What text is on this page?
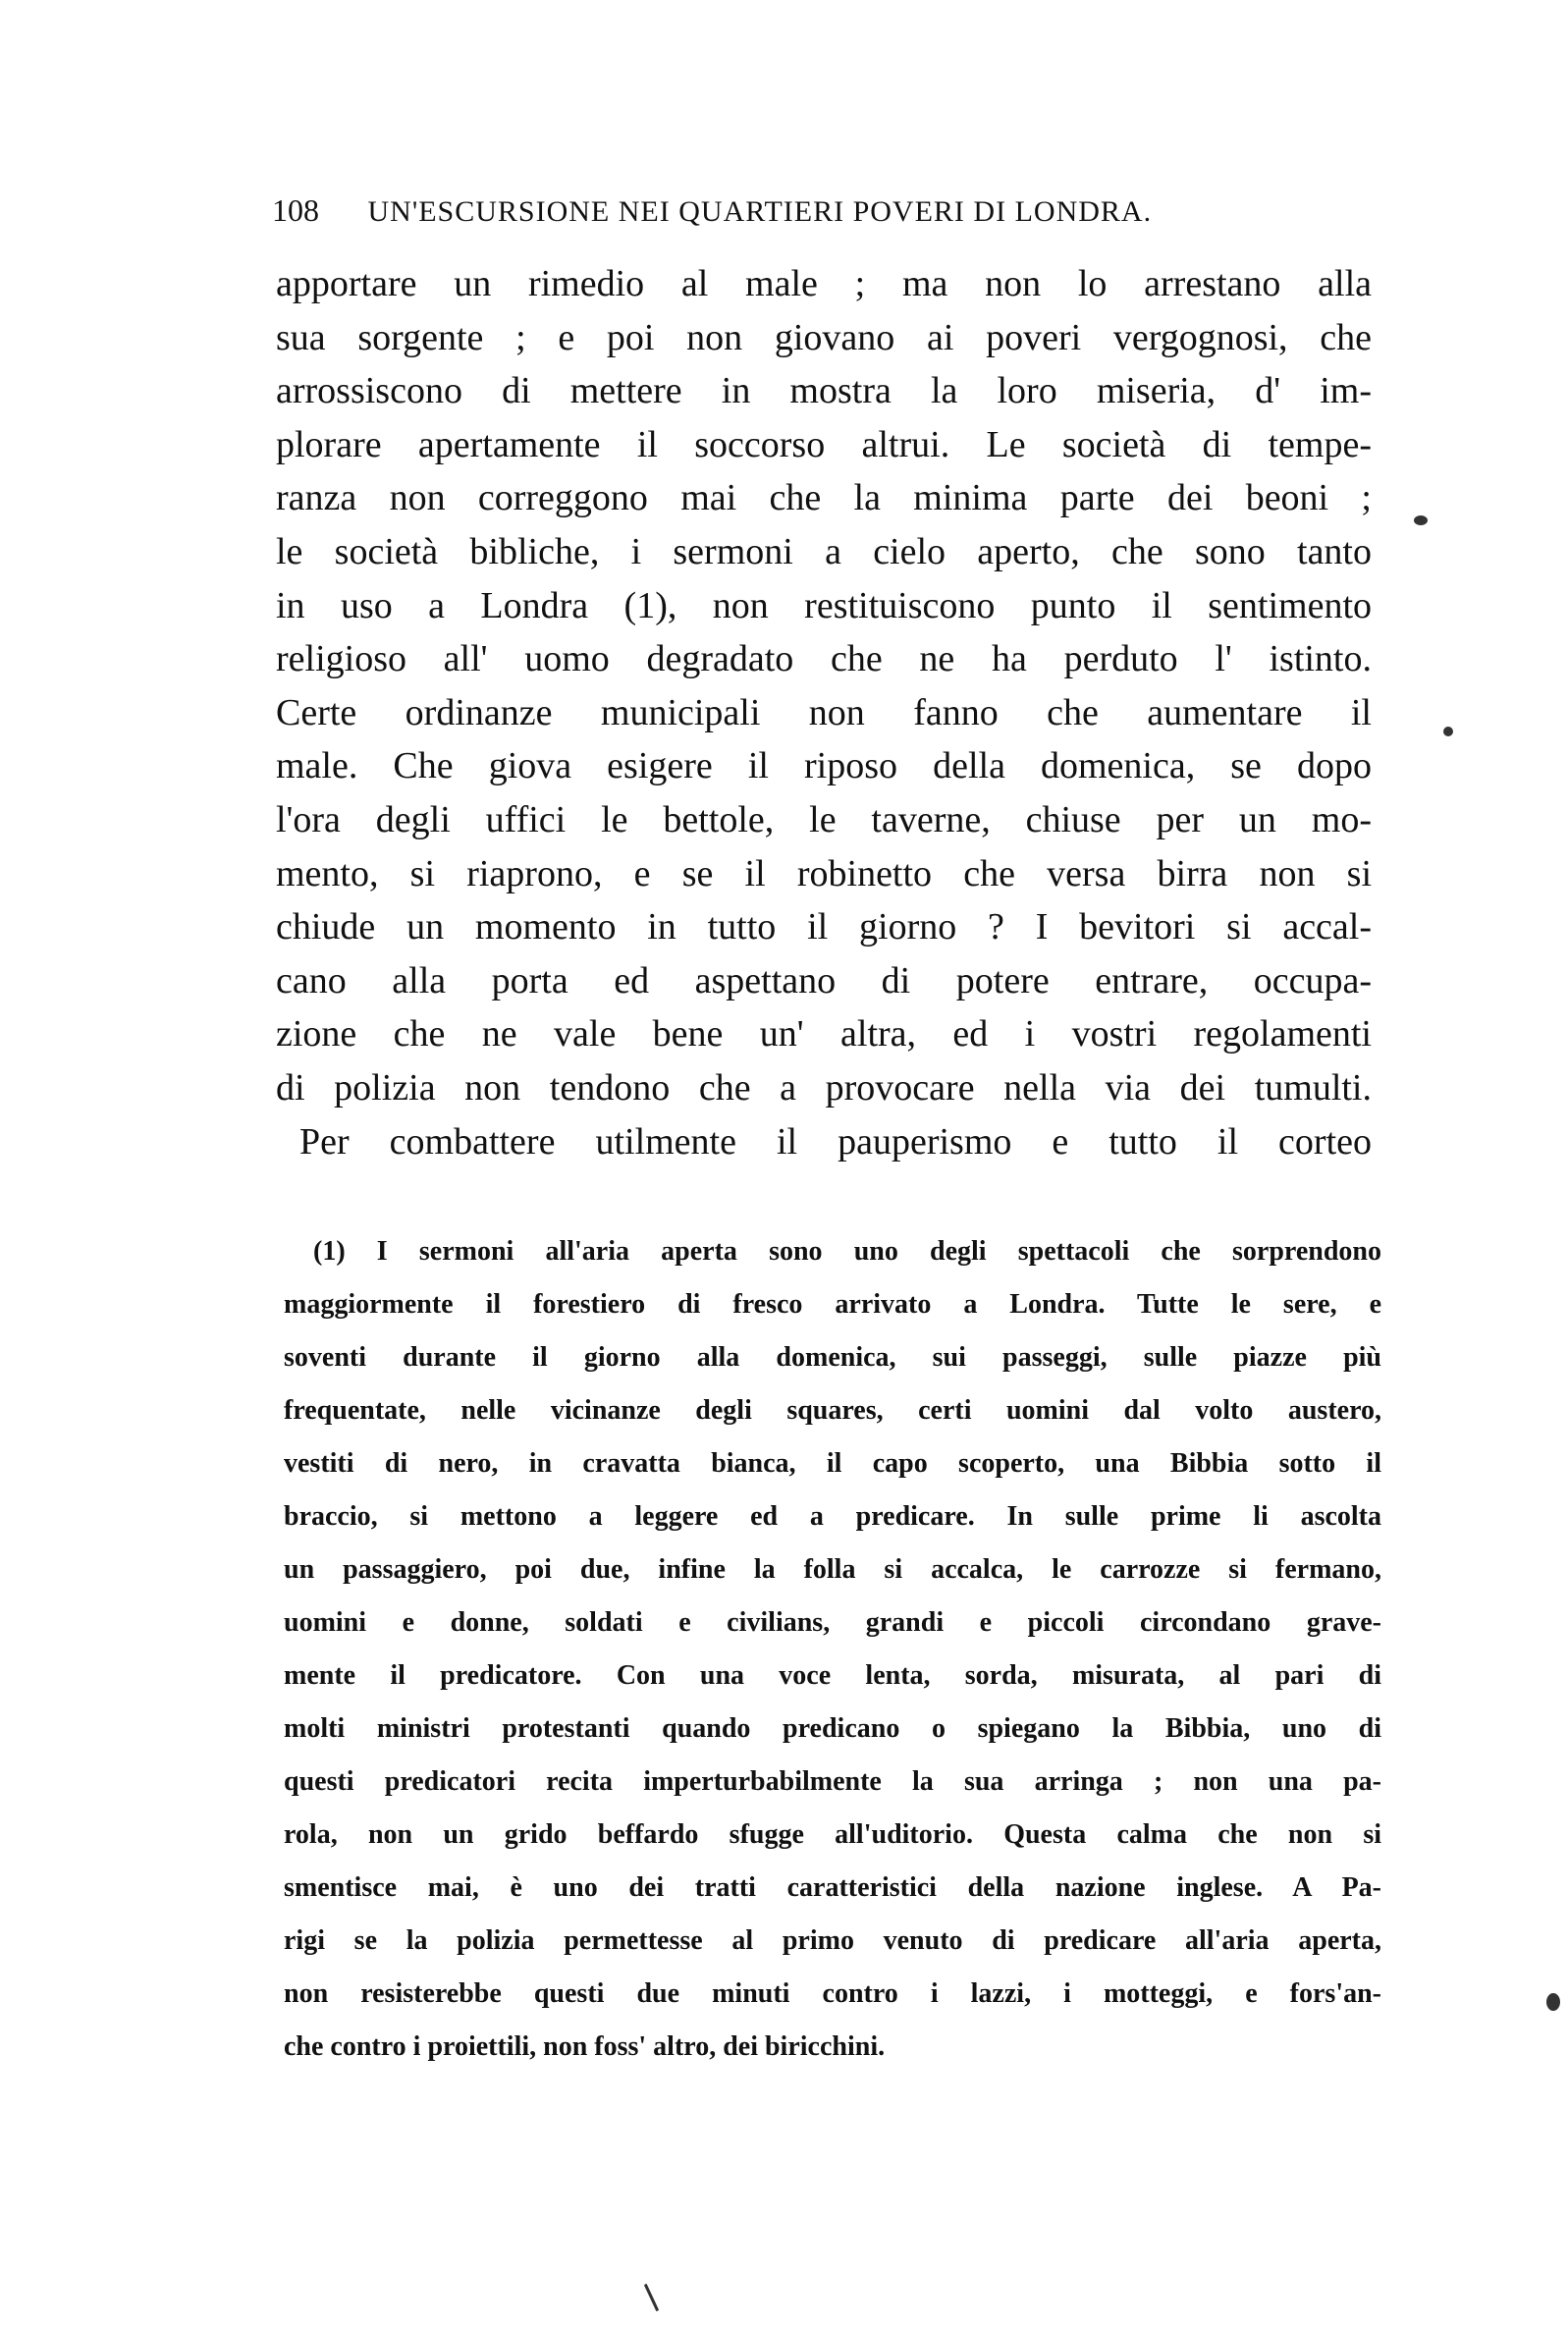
108 UN'ESCURSIONE NEI QUARTIERI POVERI DI LONDRA.
apportare un rimedio al male ; ma non lo arrestano alla
sua sorgente ; e poi non giovano ai poveri vergognosi, che
arrossiscono di mettere in mostra la loro miseria, d' im-
plorare apertamente il soccorso altrui. Le società di tempe-
ranza non correggono mai che la minima parte dei beoni ;
le società bibliche, i sermoni a cielo aperto, che sono tanto
in uso a Londra (1), non restituiscono punto il sentimento
religioso all' uomo degradato che ne ha perduto l' istinto.
Certe ordinanze municipali non fanno che aumentare il
male. Che giova esigere il riposo della domenica, se dopo
l'ora degli uffici le bettole, le taverne, chiuse per un mo-
mento, si riaprono, e se il robinetto che versa birra non si
chiude un momento in tutto il giorno ? I bevitori si accal-
cano alla porta ed aspettano di potere entrare, occupa-
zione che ne vale bene un' altra, ed i vostri regolamenti
di polizia non tendono che a provocare nella via dei tumulti.
Per combattere utilmente il pauperismo e tutto il corteo
(1) I sermoni all'aria aperta sono uno degli spettacoli che sorprendono
maggiormente il forestiero di fresco arrivato a Londra. Tutte le sere, e
soventi durante il giorno alla domenica, sui passeggi, sulle piazze più
frequentate, nelle vicinanze degli squares, certi uomini dal volto austero,
vestiti di nero, in cravatta bianca, il capo scoperto, una Bibbia sotto il
braccio, si mettono a leggere ed a predicare. In sulle prime li ascolta
un passaggiero, poi due, infine la folla si accalca, le carrozze si fermano,
uomini e donne, soldati e civilians, grandi e piccoli circondano grave-
mente il predicatore. Con una voce lenta, sorda, misurata, al pari di
molti ministri protestanti quando predicano o spiegano la Bibbia, uno di
questi predicatori recita imperturbabilmente la sua arringa ; non una pa-
rola, non un grido beffardo sfugge all'uditorio. Questa calma che non si
smentisce mai, è uno dei tratti caratteristici della nazione inglese. A Pa-
rigi se la polizia permettesse al primo venuto di predicare all'aria aperta,
non resisterebbe questi due minuti contro i lazzi, i motteggi, e fors'an-
che contro i proiettili, non foss' altro, dei biricchini.
